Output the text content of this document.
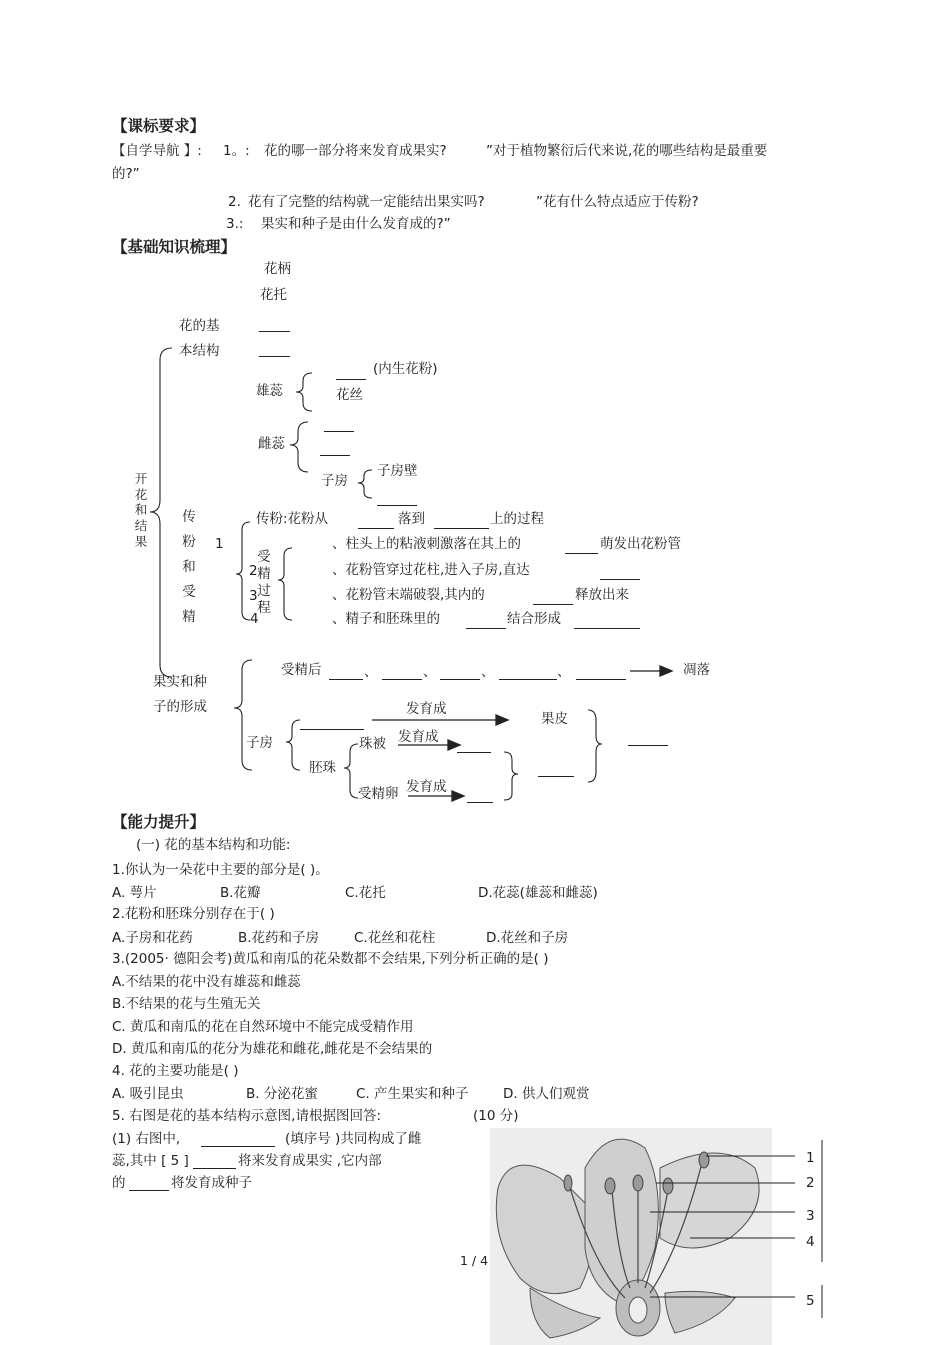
【课标要求】
【自学导航 】: 1。: 花的哪一部分将来发育成果实?	”对于植物繁衍后代来说,花的哪些结构是最重要
的?”
2. 花有了完整的结构就一定能结出果实吗?	”花有什么特点适应于传粉?
3.: 果实和种子是由什么发育成的?”
【基础知识梳理】
花柄
花托
花的基
本结构
雄蕊
(内生花粉)
花丝
雌蕊
子房
子房壁
开
花
和
结
果
传
粉
和
受
精
传粉:花粉从	落到	上的过程
1
受
精
过
程
2
3
4
、柱头上的粘液刺激落在其上的	萌发出花粉管
、花粉管穿过花柱,进入子房,直达
、花粉管末端破裂,其内的	释放出来
、精子和胚珠里的	结合形成
果实和种
子的形成
受精后	、	、	、	、	凋落
子房
发育成
果皮
珠被 发育成
胚珠
受精卵 发育成
【能力提升】
(一) 花的基本结构和功能:
1.你认为一朵花中主要的部分是( )。
A. 萼片	B.花瓣	C.花托	D.花蕊(雄蕊和雌蕊)
2.花粉和胚珠分别存在于( )
A.子房和花药	B.花药和子房	C.花丝和花柱	D.花丝和子房
3.(2005· 德阳会考)黄瓜和南瓜的花朵数都不会结果,下列分析正确的是( )
A.不结果的花中没有雄蕊和雌蕊
B.不结果的花与生殖无关
C. 黄瓜和南瓜的花在自然环境中不能完成受精作用
D. 黄瓜和南瓜的花分为雄花和雌花,雌花是不会结果的
4. 花的主要功能是( )
A. 吸引昆虫	B. 分泌花蜜	C. 产生果实和种子	D. 供人们观赏
5. 右图是花的基本结构示意图,请根据图回答:	(10 分)
(1) 右图中,	(填序号 )共同构成了雌
蕊,其中 [ 5 ]	将来发育成果实 ,它内部
的	将发育成种子
1 / 4
1
2
3
4
5
